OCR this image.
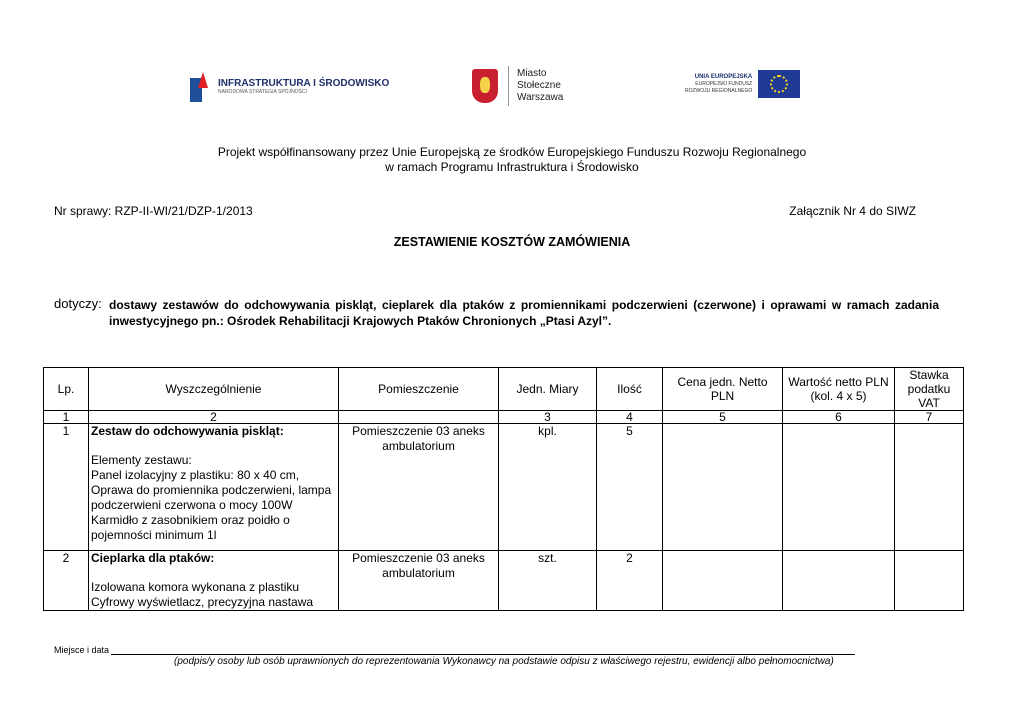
INFRASTRUKTURA I ŚRODOWISKO
NARODOWA STRATEGIA SPÓJNOŚCI
Miasto
Stołeczne
Warszawa
UNIA EUROPEJSKA
EUROPEJSKI FUNDUSZ
ROZWOJU REGIONALNEGO
Projekt współfinansowany przez Unie Europejską ze środków Europejskiego Funduszu Rozwoju Regionalnego
w ramach Programu Infrastruktura i Środowisko
Nr sprawy: RZP-II-WI/21/DZP-1/2013	Załącznik Nr 4 do SIWZ
ZESTAWIENIE KOSZTÓW ZAMÓWIENIA
dotyczy: dostawy zestawów do odchowywania piskląt, cieplarek dla ptaków z promiennikami podczerwieni (czerwone) i oprawami w ramach zadania inwestycyjnego pn.: Ośrodek Rehabilitacji Krajowych Ptaków Chronionych „Ptasi Azyl”.
Lp.	Wyszczególnienie	Pomieszczenie	Jedn. Miary	Ilość	Cena jedn. Netto PLN	Wartość netto PLN (kol. 4 x 5)	Stawka podatku VAT
1	2		3	4	5	6	7
1	Zestaw do odchowywania piskląt:
Elementy zestawu:
Panel izolacyjny z plastiku: 80 x 40 cm,
Oprawa do promiennika podczerwieni, lampa podczerwieni czerwona o mocy 100W
Karmidło z zasobnikiem oraz poidło o pojemności minimum 1l	Pomieszczenie 03 aneks ambulatorium	kpl.	5			
2	Cieplarka dla ptaków:
Izolowana komora wykonana z plastiku
Cyfrowy wyświetlacz, precyzyjna nastawa	Pomieszczenie 03 aneks ambulatorium	szt.	2			
Miejsce i data
(podpis/y osoby lub osób uprawnionych do reprezentowania Wykonawcy na podstawie odpisu z właściwego rejestru, ewidencji albo pełnomocnictwa)
